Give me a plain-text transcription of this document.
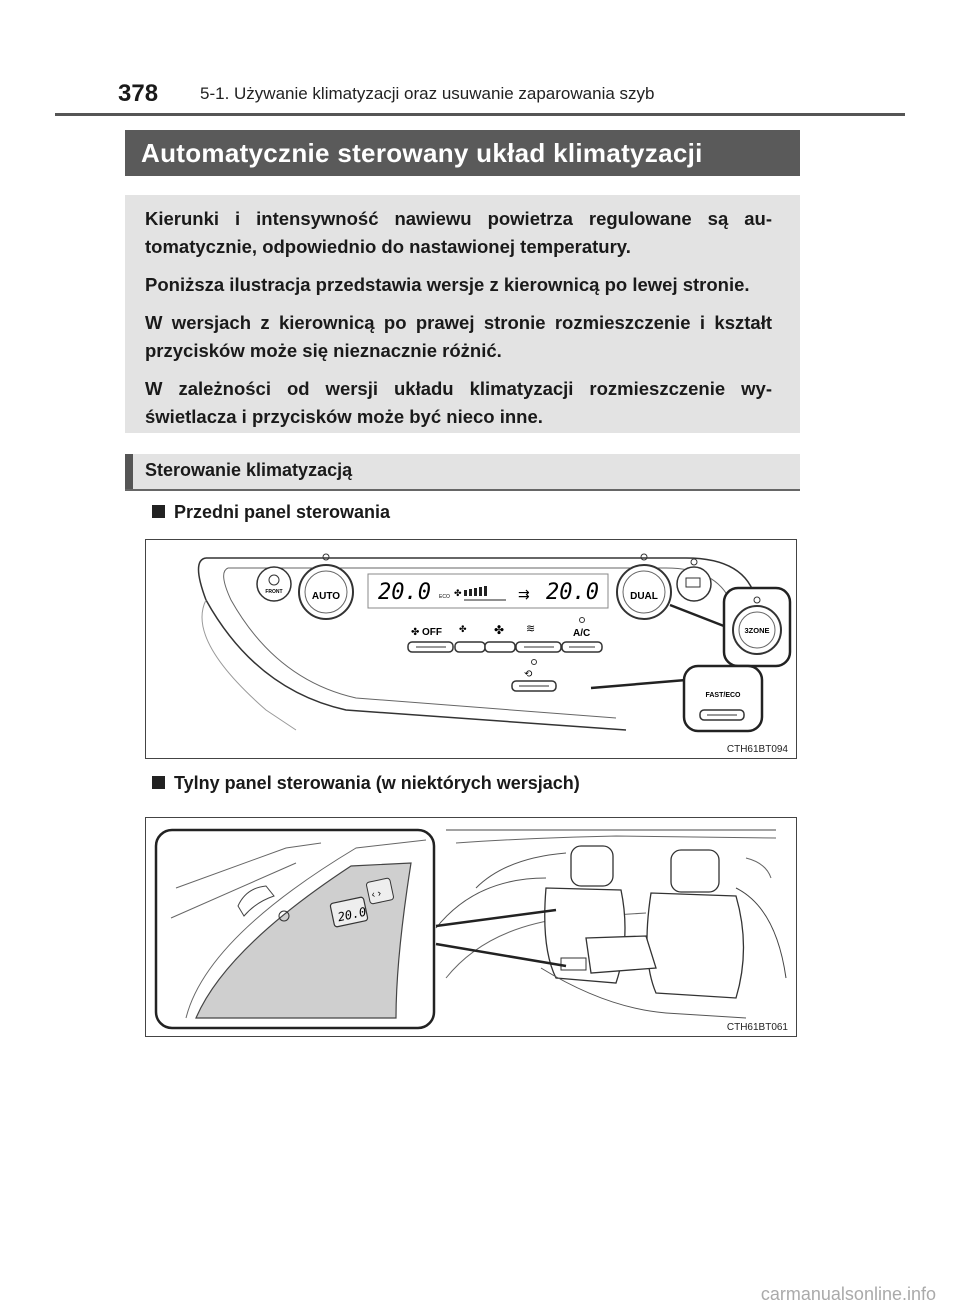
378 5-1. Używanie klimatyzacji oraz usuwanie zaparowania szyb
Automatycznie sterowany układ klimatyzacji

Kierunki i intensywność nawiewu powietrza regulowane są automatycznie, odpowiednio do nastawionej temperatury.

Poniższa ilustracja przedstawia wersje z kierownicą po lewej stronie.

W wersjach z kierownicą po prawej stronie rozmieszczenie i kształt przycisków może się nieznacznie różnić.

W zależności od wersji układu klimatyzacji rozmieszczenie wyświetlacza i przycisków może być nieco inne.

Sterowanie klimatyzacją
Przedni panel sterowania
FRONT	AUTO 20.0 ECO ✤	⇉ 20.0	DUAL
✤ OFF ✤ ✤ ≋	A/C
⟲
3ZONE
FAST/ECO
CTH61BT094
Tylny panel sterowania (w niektórych wersjach)
20.0
‹ ›
CTH61BT061
carmanualsonline.info
